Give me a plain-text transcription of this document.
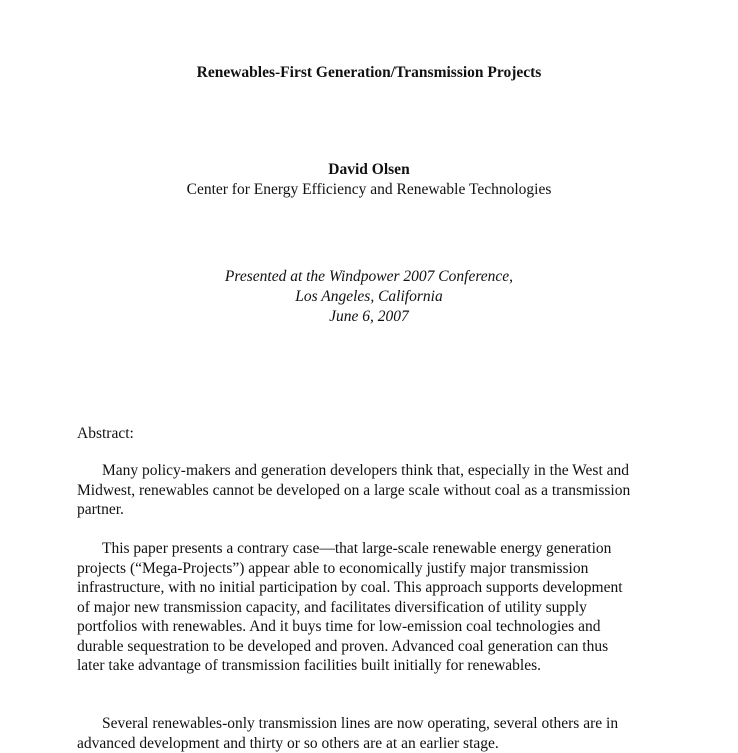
Renewables-First Generation/Transmission Projects
David Olsen
Center for Energy Efficiency and Renewable Technologies
Presented at the Windpower 2007 Conference,
Los Angeles, California
June 6, 2007
Abstract:

Many policy-makers and generation developers think that, especially in the West and Midwest, renewables cannot be developed on a large scale without coal as a transmission partner.

This paper presents a contrary case—that large-scale renewable energy generation projects (“Mega-Projects”) appear able to economically justify major transmission infrastructure, with no initial participation by coal. This approach supports development of major new transmission capacity, and facilitates diversification of utility supply portfolios with renewables. And it buys time for low-emission coal technologies and durable sequestration to be developed and proven. Advanced coal generation can thus later take advantage of transmission facilities built initially for renewables.

Several renewables-only transmission lines are now operating, several others are in advanced development and thirty or so others are at an earlier stage.
